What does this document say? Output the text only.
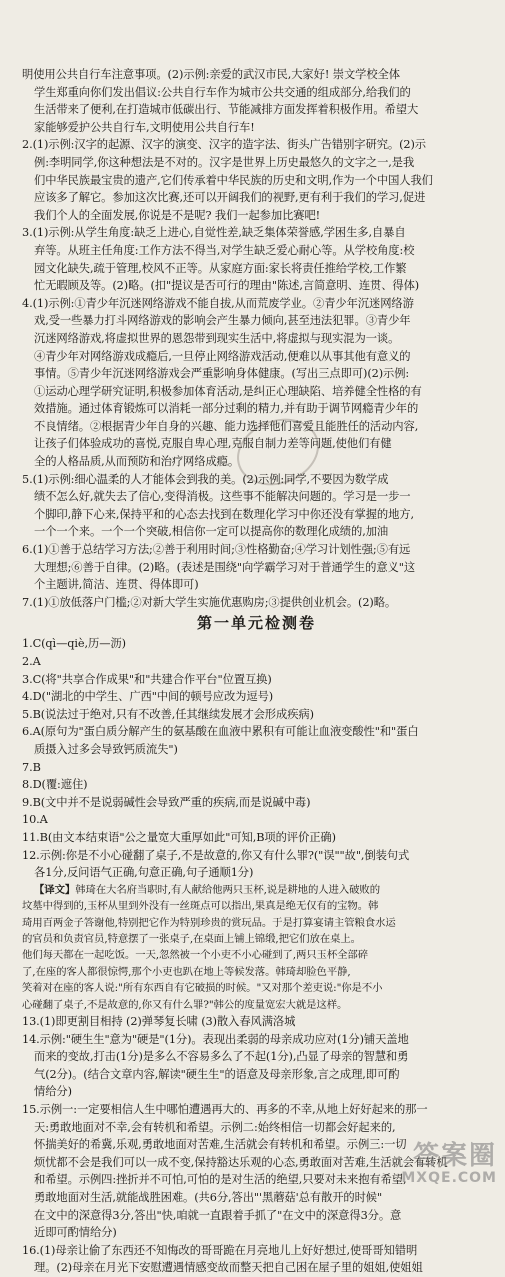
明使用公共自行车注意事项。(2)示例:亲爱的武汉市民,大家好! 崇文学校全体

学生郑重向你们发出倡议:公共自行车作为城市公共交通的组成部分,给我们的

生活带来了便利,在打造城市低碳出行、节能减排方面发挥着积极作用。希望大

家能够爱护公共自行车,文明使用公共自行车!

2.(1)示例:汉字的起源、汉字的演变、汉字的造字法、街头广告错别字研究。(2)示

例:李明同学,你这种想法是不对的。汉字是世界上历史最悠久的文字之一,是我

们中华民族最宝贵的遗产,它们传承着中华民族的历史和文明,作为一个中国人我们

应该多了解它。参加这次比赛,还可以开阔我们的视野,更有利于我们的学习,促进

我们个人的全面发展,你说是不是呢? 我们一起参加比赛吧!

3.(1)示例:从学生角度:缺乏上进心,自觉性差,缺乏集体荣誉感,学困生多,自暴自

弃等。从班主任角度:工作方法不得当,对学生缺乏爱心耐心等。从学校角度:校

园文化缺失,疏于管理,校风不正等。从家庭方面:家长将责任推给学校,工作繁

忙无暇顾及等。(2)略。(扣"提议是否可行的理由"陈述,言简意明、连贯、得体)

4.(1)示例:①青少年沉迷网络游戏不能自拔,从而荒废学业。②青少年沉迷网络游

戏,受一些暴力打斗网络游戏的影响会产生暴力倾向,甚至违法犯罪。③青少年

沉迷网络游戏,将虚拟世界的恩怨带到现实生活中,将虚拟与现实混为一谈。

④青少年对网络游戏成瘾后,一旦停止网络游戏活动,便难以从事其他有意义的

事情。⑤青少年沉迷网络游戏会严重影响身体健康。(写出三点即可)(2)示例:

①运动心理学研究证明,积极参加体育活动,是纠正心理缺陷、培养健全性格的有

效措施。通过体育锻炼可以消耗一部分过剩的精力,并有助于调节网瘾青少年的

不良情绪。②根据青少年自身的兴趣、能力选择他们喜爱且能胜任的活动内容,

让孩子们体验成功的喜悦,克服自卑心理,克服自制力差等问题,使他们有健

全的人格品质,从而预防和治疗网络成瘾。

5.(1)示例:细心温柔的人才能体会到我的美。(2)示例:同学,不要因为数学成

绩不怎么好,就失去了信心,变得消极。这些事不能解决问题的。学习是一步一

个脚印,静下心来,保持平和的心态去找到在数理化学习中你还没有掌握的地方,

一个一个来。一个一个突破,相信你一定可以提高你的数理化成绩的,加油

6.(1)①善于总结学习方法;②善于利用时间;③性格勤奋;④学习计划性强;⑤有远

大理想;⑥善于自律。(2)略。(表述是围绕"向学霸学习对于普通学生的意义"这

个主题讲,简洁、连贯、得体即可)

7.(1)①放低落户门槛;②对新大学生实施优惠购房;③提供创业机会。(2)略。

第一单元检测卷

1.C(qì—qiè,历—沥)

2.A

3.C(将"共享合作成果"和"共建合作平台"位置互换)

4.D("湖北的中学生、广西"中间的顿号应改为逗号)

5.B(说法过于绝对,只有不改善,任其继续发展才会形成疾病)

6.A(原句为"蛋白质分解产生的氨基酸在血液中累积有可能让血液变酸性"和"蛋白

质摄入过多会导致钙质流失")

7.B

8.D(覆:遮住)

9.B(文中并不是说弱碱性会导致严重的疾病,而是说碱中毒)

10.A

11.B(由文本结束语"公之量宽大重厚如此"可知,B项的评价正确)

12.示例:你是不小心碰翻了桌子,不是故意的,你又有什么罪?("误""故",倒装句式

各1分,反问语气正确,句意正确,句子通顺1分)

【译文】韩琦在大名府当职时,有人献给他两只玉杯,说是耕地的人进入破败的

坟墓中得到的,玉杯从里到外没有一丝斑点可以指出,果真是绝无仅有的宝物。韩

琦用百两金子答谢他,特别把它作为特别珍贵的赏玩品。于是打算宴请主管粮食水运

的官员和负责官员,特意摆了一张桌子,在桌面上铺上锦缎,把它们放在桌上。

他们每天都在一起吃饭。一天,忽然被一个小吏不小心碰到了,两只玉杯全部碎

了,在座的客人都很惊愕,那个小吏也趴在地上等候发落。韩琦却脸色平静,

笑着对在座的客人说:"所有东西自有它破损的时候。"又对那个差吏说:"你是不小

心碰翻了桌子,不是故意的,你又有什么罪?"韩公的度量宽宏大就是这样。

13.(1)即更割目相持 (2)弹琴复长啸 (3)散入春风满洛城

14.示例:"硬生生"意为"硬是"(1分)。表现出柔弱的母亲成功应对(1分)铺天盖地

而来的变故,打击(1分)是多么不容易多么了不起(1分),凸显了母亲的智慧和勇

气(2分)。(结合文章内容,解读"硬生生"的语意及母亲形象,言之成理,即可酌

情给分)

15.示例一:一定要相信人生中哪怕遭遇再大的、再多的不幸,从地上好好起来的那一

天:勇敢地面对不幸,会有转机和希望。示例二:始终相信一切都会好起来的,

怀揣美好的希冀,乐观,勇敢地面对苦难,生活就会有转机和希望。示例三:一切

烦忧都不会是我们可以一成不变,保持豁达乐观的心态,勇敢面对苦难,生活就会有转机

和希望。示例四:挫折并不可怕,可怕的是对生活的绝望,只要对未来抱有希望,

勇敢地面对生活,就能战胜困难。(共6分,答出"'黑蘑菇'总有散开的时候"

在文中的深意得3分,答出"快,咱就一直跟着手抓了"在文中的深意得3分。意

近即可酌情给分)

16.(1)母亲让偷了东西还不知悔改的哥哥跪在月亮地儿上好好想过,使哥哥知错明

理。(2)母亲在月光下安慰遭遇情感变故而整天把自己困在屋子里的姐姐,使姐姐

答案圈
MXQE.COM
